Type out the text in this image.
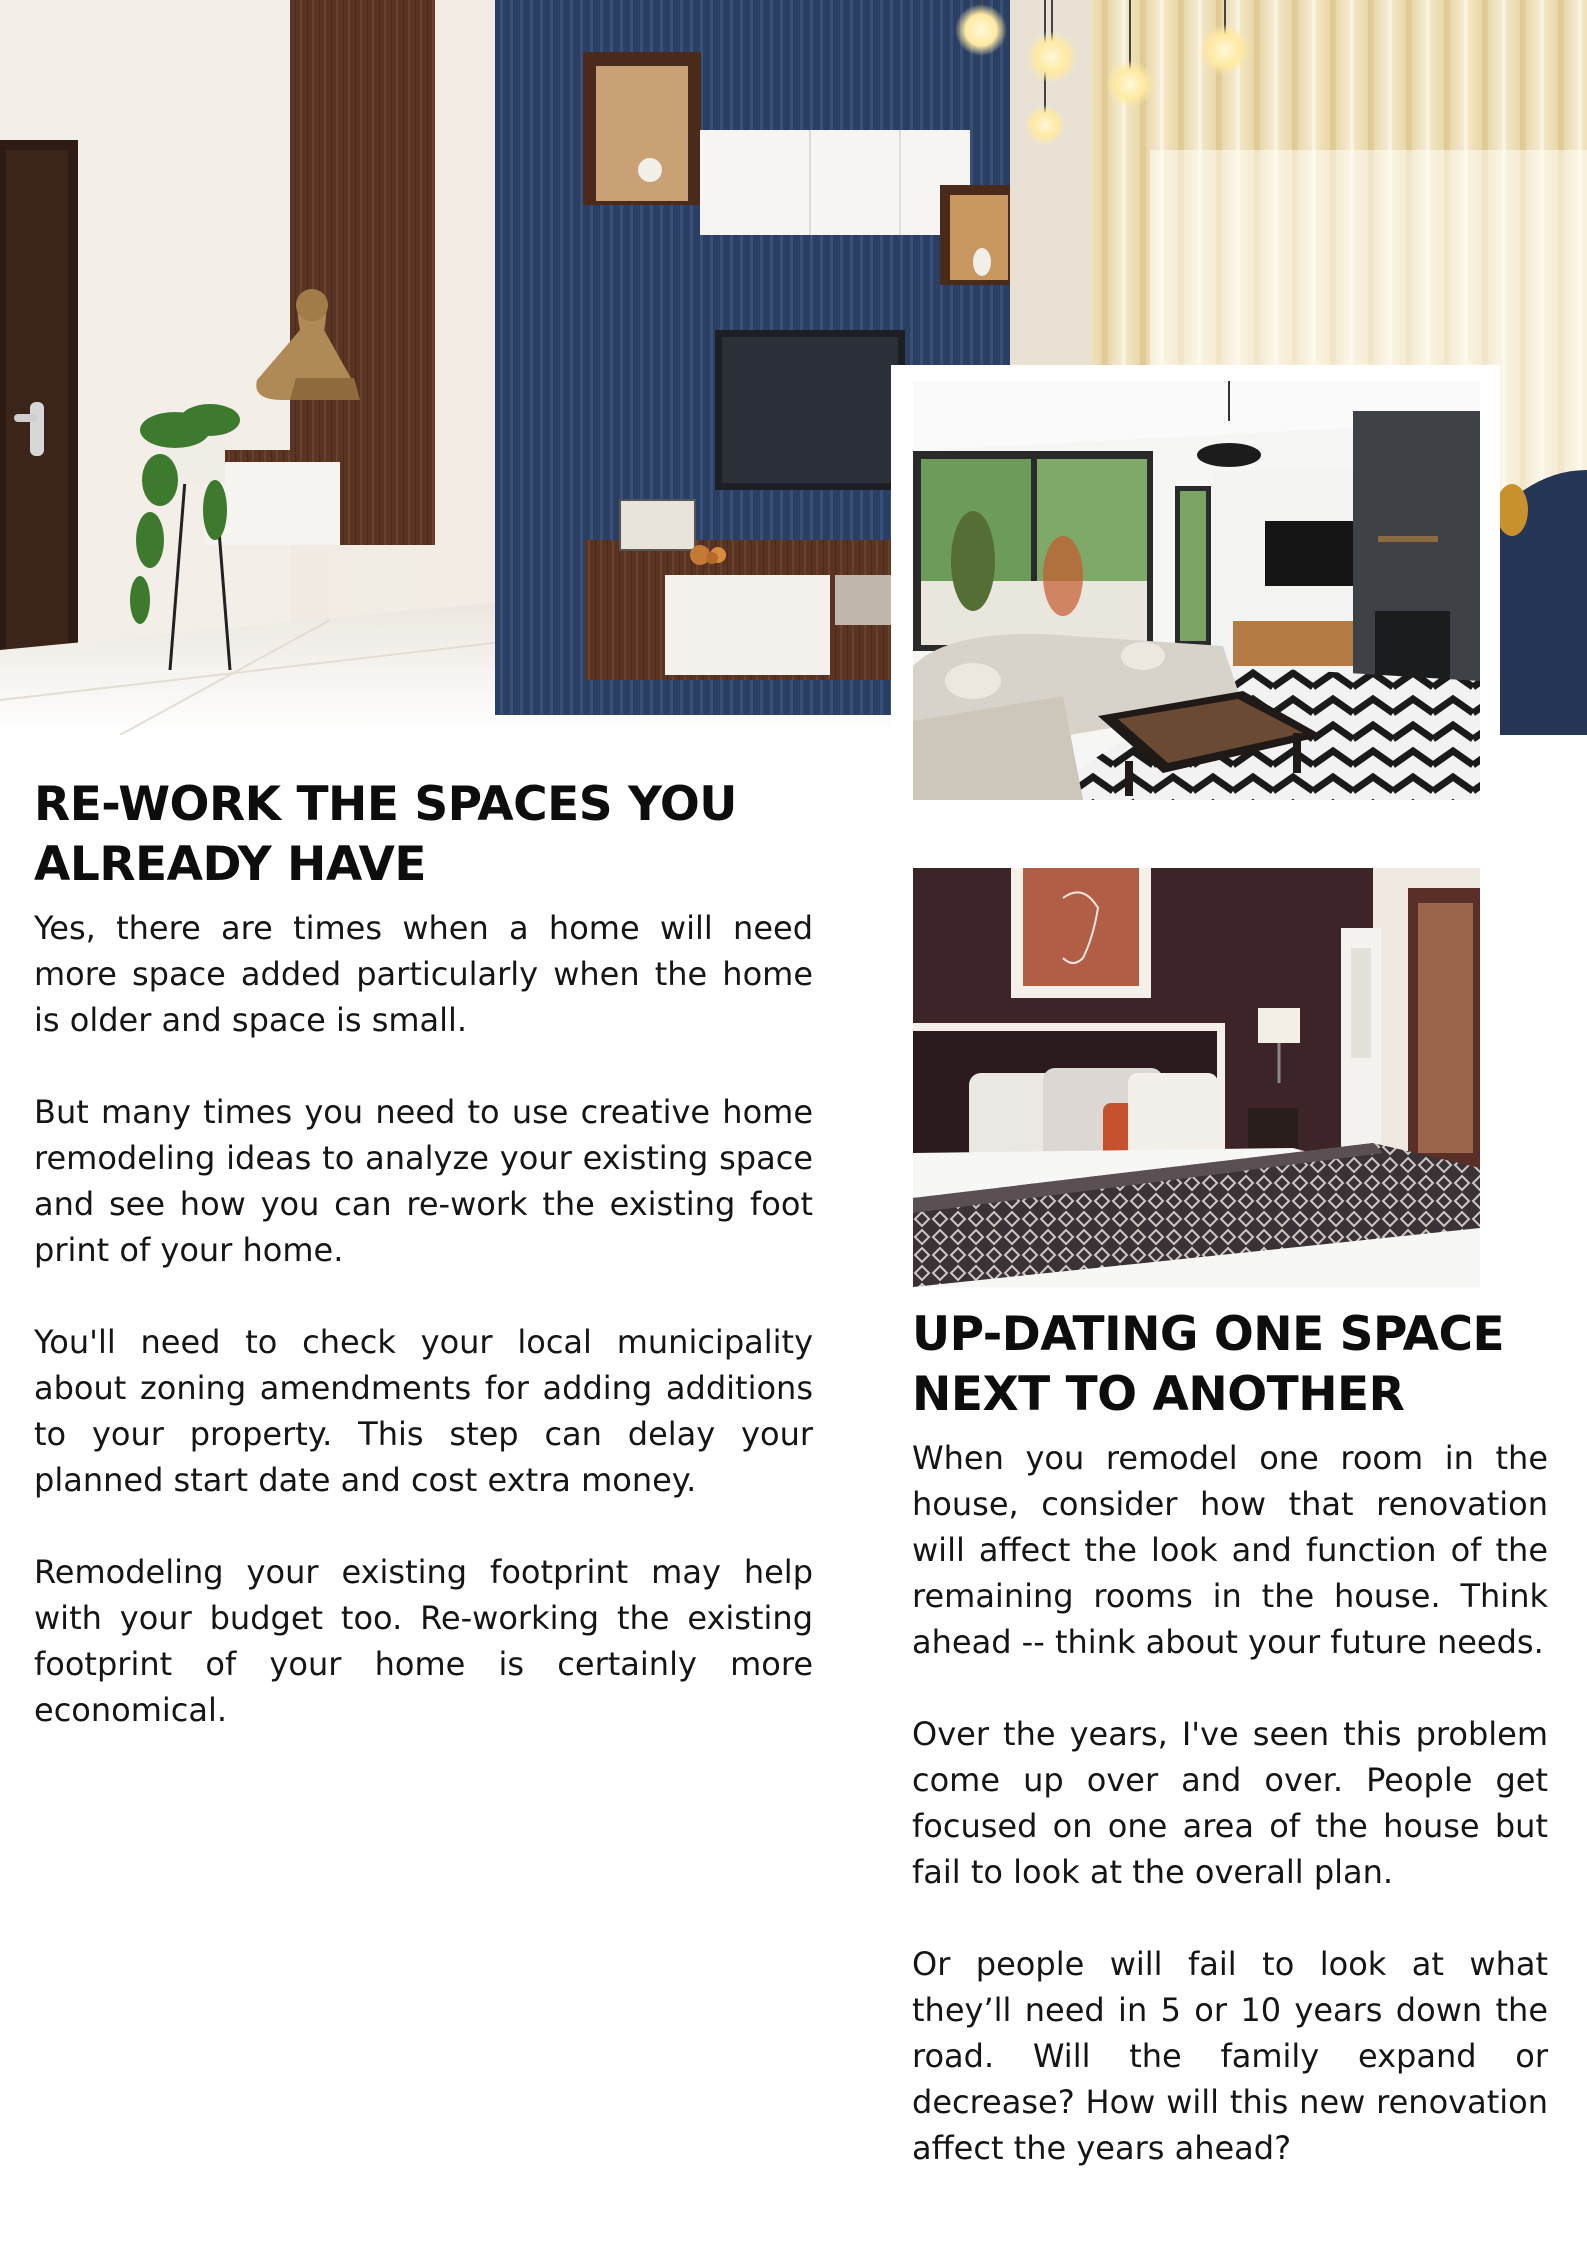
RE-WORK THE SPACES YOU
ALREADY HAVE

Yes, there are times when a home will need more space added particularly when the home is older and space is small.

But many times you need to use creative home remodeling ideas to analyze your existing space and see how you can re-work the existing foot print of your home.

You'll need to check your local municipality about zoning amendments for adding additions to your property. This step can delay your planned start date and cost extra money.

Remodeling your existing footprint may help with your budget too. Re-working the existing footprint of your home is certainly more economical.

UP-DATING ONE SPACE
NEXT TO ANOTHER

When you remodel one room in the house, consider how that renovation will affect the look and function of the remaining rooms in the house. Think ahead -- think about your future needs.

Over the years, I've seen this problem come up over and over. People get focused on one area of the house but fail to look at the overall plan.

Or people will fail to look at what they’ll need in 5 or 10 years down the road. Will the family expand or decrease? How will this new renovation affect the years ahead?
